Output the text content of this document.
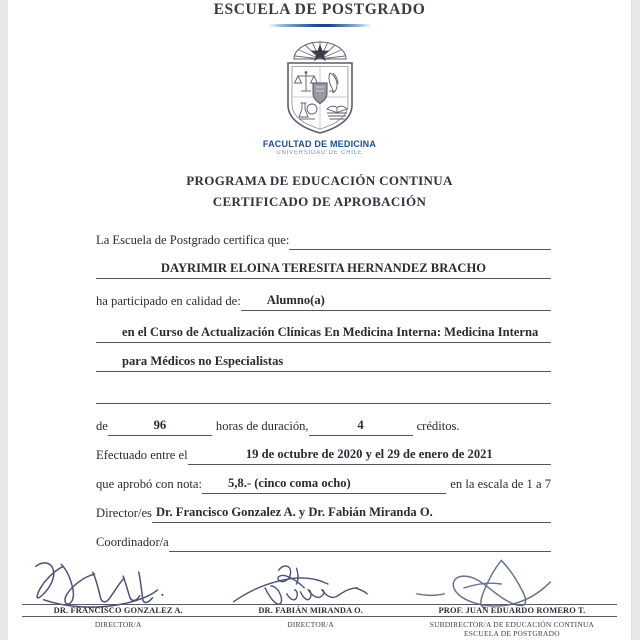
ESCUELA DE POSTGRADO
FACULTAD DE MEDICINA
UNIVERSIDAD DE CHILE
PROGRAMA DE EDUCACIÓN CONTINUA
CERTIFICADO DE APROBACIÓN
La Escuela de Postgrado certifica que:
DAYRIMIR ELOINA TERESITA HERNANDEZ BRACHO
ha participado en calidad de:	Alumno(a)
en el Curso de Actualización Clínicas En Medicina Interna: Medicina Interna
para Médicos no Especialistas
de	96	horas de duración,	4	créditos.
Efectuado entre el	19 de octubre de 2020 y el 29 de enero de 2021
que aprobó con nota:	5,8.- (cinco coma ocho)	en la escala de 1 a 7
Director/es Dr. Francisco Gonzalez A. y Dr. Fabián Miranda O.
Coordinador/a
DR. FRANCISCO GONZALEZ A.
DIRECTOR/A
DR. FABIÁN MIRANDA O.
DIRECTOR/A
PROF. JUAN EDUARDO ROMERO T.
SUBDIRECTOR/A DE EDUCACIÓN CONTINUA
ESCUELA DE POSTGRADO
